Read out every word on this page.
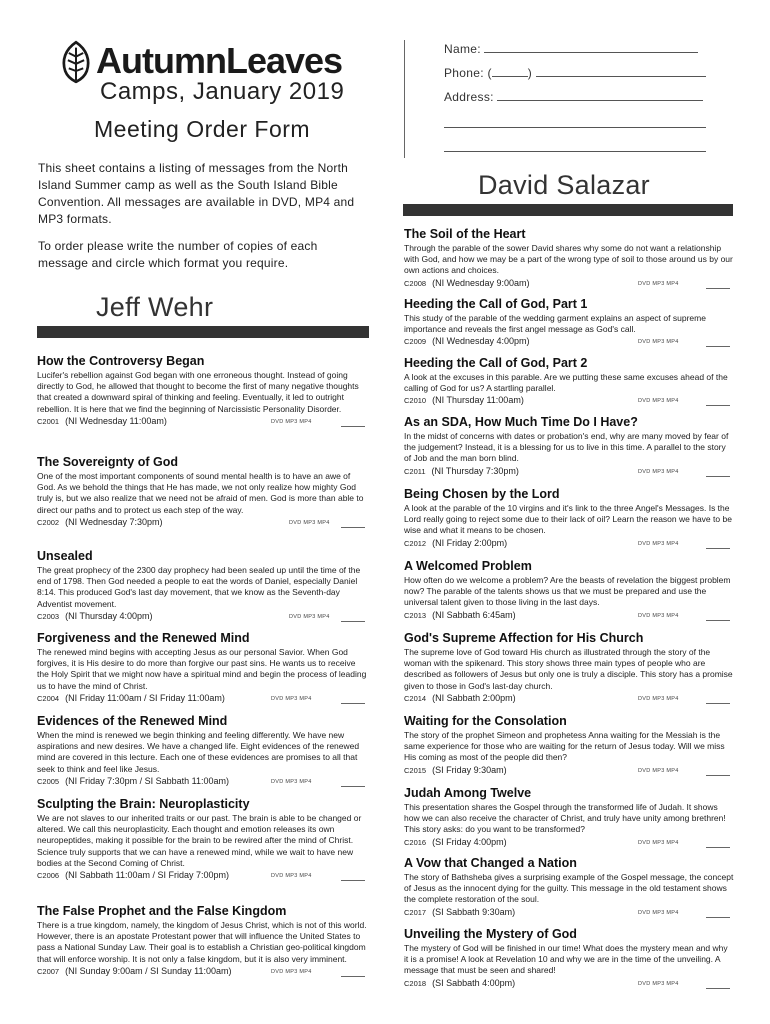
AutumnLeaves
Camps, January 2019
Meeting Order Form
This sheet contains a listing of messages from the North Island Summer camp as well as the South Island Bible Convention. All messages are available in DVD, MP4 and MP3 formats.
To order please write the number of copies of each message and circle which format you require.
Name:
Phone: (	)
Address:
Jeff Wehr
David Salazar
How the Controversy Began

Lucifer's rebellion against God began with one erroneous thought. Instead of going directly to God, he allowed that thought to become the first of many negative thoughts that created a downward spiral of thinking and feeling. Eventually, it led to outright rebellion. It is here that we find the beginning of Narcissistic Personality Disorder.

C2001 (NI Wednesday 11:00am)	DVD MP3 MP4
The Sovereignty of God

One of the most important components of sound mental health is to have an awe of God. As we behold the things that He has made, we not only realize how mighty God truly is, but we also realize that we need not be afraid of men. God is more than able to direct our paths and to protect us each step of the way.

C2002 (NI Wednesday 7:30pm)	DVD MP3 MP4
Unsealed

The great prophecy of the 2300 day prophecy had been sealed up until the time of the end of 1798. Then God needed a people to eat the words of Daniel, especially Daniel 8:14. This produced God's last day movement, that we know as the Seventh-day Adventist movement.

C2003 (NI Thursday 4:00pm)	DVD MP3 MP4
Forgiveness and the Renewed Mind

The renewed mind begins with accepting Jesus as our personal Savior. When God forgives, it is His desire to do more than forgive our past sins. He wants us to receive the Holy Spirit that we might now have a spiritual mind and begin the process of leading us to have the mind of Christ.

C2004 (NI Friday 11:00am / SI Friday 11:00am)	DVD MP3 MP4
Evidences of the Renewed Mind

When the mind is renewed we begin thinking and feeling differently. We have new aspirations and new desires. We have a changed life. Eight evidences of the renewed mind are covered in this lecture. Each one of these evidences are promises to all that seek to think and feel like Jesus.

C2005 (NI Friday 7:30pm / SI Sabbath 11:00am)	DVD MP3 MP4
Sculpting the Brain: Neuroplasticity

We are not slaves to our inherited traits or our past. The brain is able to be changed or altered. We call this neuroplasticity. Each thought and emotion releases its own neuropeptides, making it possible for the brain to be rewired after the mind of Christ. Science truly supports that we can have a renewed mind, while we wait to have new bodies at the Second Coming of Christ.

C2006 (NI Sabbath 11:00am / SI Friday 7:00pm)	DVD MP3 MP4
The False Prophet and the False Kingdom

There is a true kingdom, namely, the kingdom of Jesus Christ, which is not of this world. However, there is an apostate Protestant power that will influence the United States to pass a National Sunday Law. Their goal is to establish a Christian geo-political kingdom that will enforce worship. It is not only a false kingdom, but it is also very imminent.

C2007 (NI Sunday 9:00am / SI Sunday 11:00am)	DVD MP3 MP4
The Soil of the Heart

Through the parable of the sower David shares why some do not want a relationship with God, and how we may be a part of the wrong type of soil to those around us by our own actions and choices.

C2008 (NI Wednesday 9:00am)	DVD MP3 MP4
Heeding the Call of God, Part 1

This study of the parable of the wedding garment explains an aspect of supreme importance and reveals the first angel message as God's call.

C2009 (NI Wednesday 4:00pm)	DVD MP3 MP4
Heeding the Call of God, Part 2

A look at the excuses in this parable. Are we putting these same excuses ahead of the calling of God for us? A startling parallel.

C2010 (NI Thursday 11:00am)	DVD MP3 MP4
As an SDA, How Much Time Do I Have?

In the midst of concerns with dates or probation's end, why are many moved by fear of the judgement? Instead, it is a blessing for us to live in this time. A parallel to the story of Job and the man born blind.

C2011 (NI Thursday 7:30pm)	DVD MP3 MP4
Being Chosen by the Lord

A look at the parable of the 10 virgins and it's link to the three Angel's Messages. Is the Lord really going to reject some due to their lack of oil? Learn the reason we have to be wise and what it means to be chosen.

C2012 (NI Friday 2:00pm)	DVD MP3 MP4
A Welcomed Problem

How often do we welcome a problem? Are the beasts of revelation the biggest problem now? The parable of the talents shows us that we must be prepared and use the universal talent given to those living in the last days.

C2013 (NI Sabbath 6:45am)	DVD MP3 MP4
God's Supreme Affection for His Church

The supreme love of God toward His church as illustrated through the story of the woman with the spikenard. This story shows three main types of people who are described as followers of Jesus but only one is truly a disciple. This story has a promise given to those in God's last-day church.

C2014 (NI Sabbath 2:00pm)	DVD MP3 MP4
Waiting for the Consolation

The story of the prophet Simeon and prophetess Anna waiting for the Messiah is the same experience for those who are waiting for the return of Jesus today. Will we miss His coming as most of the people did then?

C2015 (SI Friday 9:30am)	DVD MP3 MP4
Judah Among Twelve

This presentation shares the Gospel through the transformed life of Judah. It shows how we can also receive the character of Christ, and truly have unity among brethren! This story asks: do you want to be transformed?

C2016 (SI Friday 4:00pm)	DVD MP3 MP4
A Vow that Changed a Nation

The story of Bathsheba gives a surprising example of the Gospel message, the concept of Jesus as the innocent dying for the guilty. This message in the old testament shows the complete restoration of the soul.

C2017 (SI Sabbath 9:30am)	DVD MP3 MP4
Unveiling the Mystery of God

The mystery of God will be finished in our time! What does the mystery mean and why it is a promise! A look at Revelation 10 and why we are in the time of the unveiling. A message that must be seen and shared!

C2018 (SI Sabbath 4:00pm)	DVD MP3 MP4
